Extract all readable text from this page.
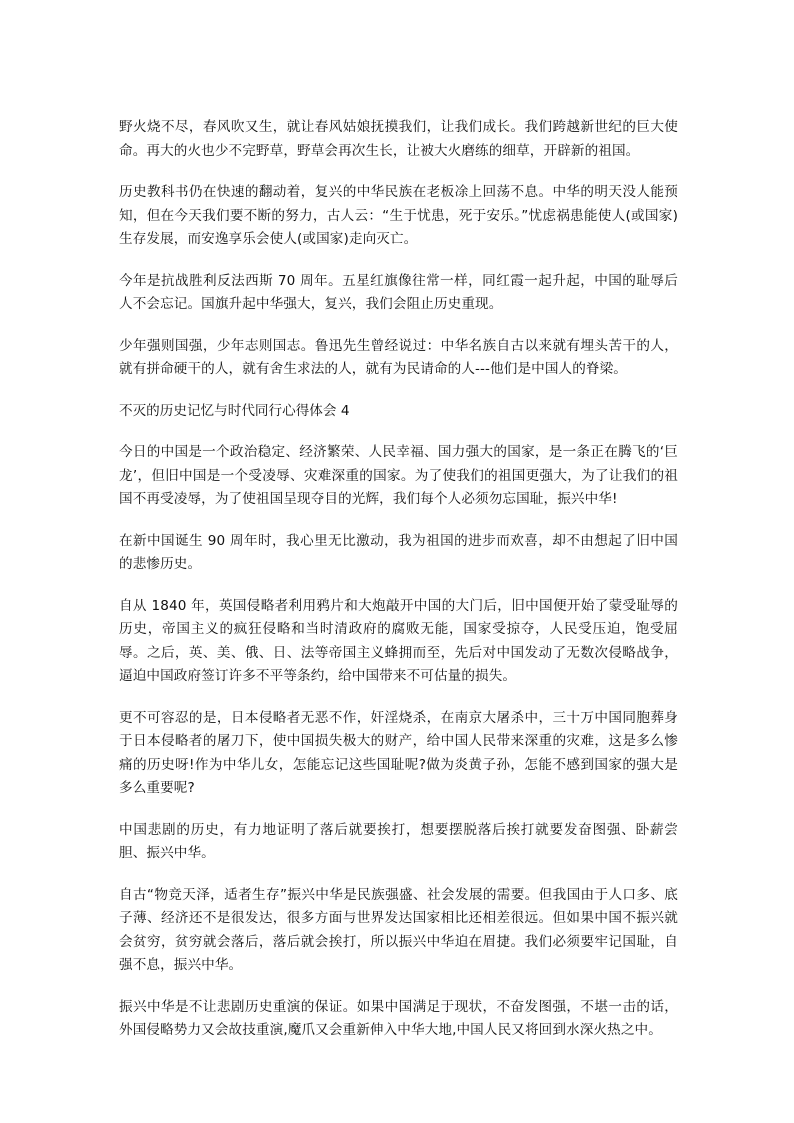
野火烧不尽，春风吹又生，就让春风姑娘抚摸我们，让我们成长。我们跨越新世纪的巨大使命。再大的火也少不完野草，野草会再次生长，让被大火磨练的细草，开辟新的祖国。

历史教科书仍在快速的翻动着，复兴的中华民族在老板凃上回荡不息。中华的明天没人能预知，但在今天我们要不断的努力，古人云：“生于忧患，死于安乐。”忧虑祸患能使人(或国家)生存发展，而安逸享乐会使人(或国家)走向灭亡。

今年是抗战胜利反法西斯 70 周年。五星红旗像往常一样，同红霞一起升起，中国的耻辱后人不会忘记。国旗升起中华强大，复兴，我们会阻止历史重现。

少年强则国强，少年志则国志。鲁迅先生曾经说过：中华名族自古以来就有埋头苦干的人，就有拼命硬干的人，就有舍生求法的人，就有为民请命的人---他们是中国人的脊梁。

不灭的历史记忆与时代同行心得体会 4

今日的中国是一个政治稳定、经济繁荣、人民幸福、国力强大的国家，是一条正在腾飞的‘巨龙’，但旧中国是一个受凌辱、灾难深重的国家。为了使我们的祖国更强大，为了让我们的祖国不再受凌辱，为了使祖国呈现夺目的光辉，我们每个人必须勿忘国耻，振兴中华!

在新中国诞生 90 周年时，我心里无比激动，我为祖国的进步而欢喜，却不由想起了旧中国的悲惨历史。

自从 1840 年，英国侵略者利用鸦片和大炮敲开中国的大门后，旧中国便开始了蒙受耻辱的历史，帝国主义的疯狂侵略和当时清政府的腐败无能，国家受掠夺，人民受压迫，饱受屈辱。之后，英、美、俄、日、法等帝国主义蜂拥而至，先后对中国发动了无数次侵略战争，逼迫中国政府签订许多不平等条约，给中国带来不可估量的损失。

更不可容忍的是，日本侵略者无恶不作，奸淫烧杀，在南京大屠杀中，三十万中国同胞葬身于日本侵略者的屠刀下，使中国损失极大的财产，给中国人民带来深重的灾难，这是多么惨痛的历史呀!作为中华儿女，怎能忘记这些国耻呢?做为炎黄子孙，怎能不感到国家的强大是多么重要呢?

中国悲剧的历史，有力地证明了落后就要挨打，想要摆脱落后挨打就要发奋图强、卧薪尝胆、振兴中华。

自古“物竞天泽，适者生存”振兴中华是民族强盛、社会发展的需要。但我国由于人口多、底子薄、经济还不是很发达，很多方面与世界发达国家相比还相差很远。但如果中国不振兴就会贫穷，贫穷就会落后，落后就会挨打，所以振兴中华迫在眉捷。我们必须要牢记国耻，自强不息，振兴中华。

振兴中华是不让悲剧历史重演的保证。如果中国满足于现状，不奋发图强，不堪一击的话，外国侵略势力又会故技重演,魔爪又会重新伸入中华大地,中国人民又将回到水深火热之中。
